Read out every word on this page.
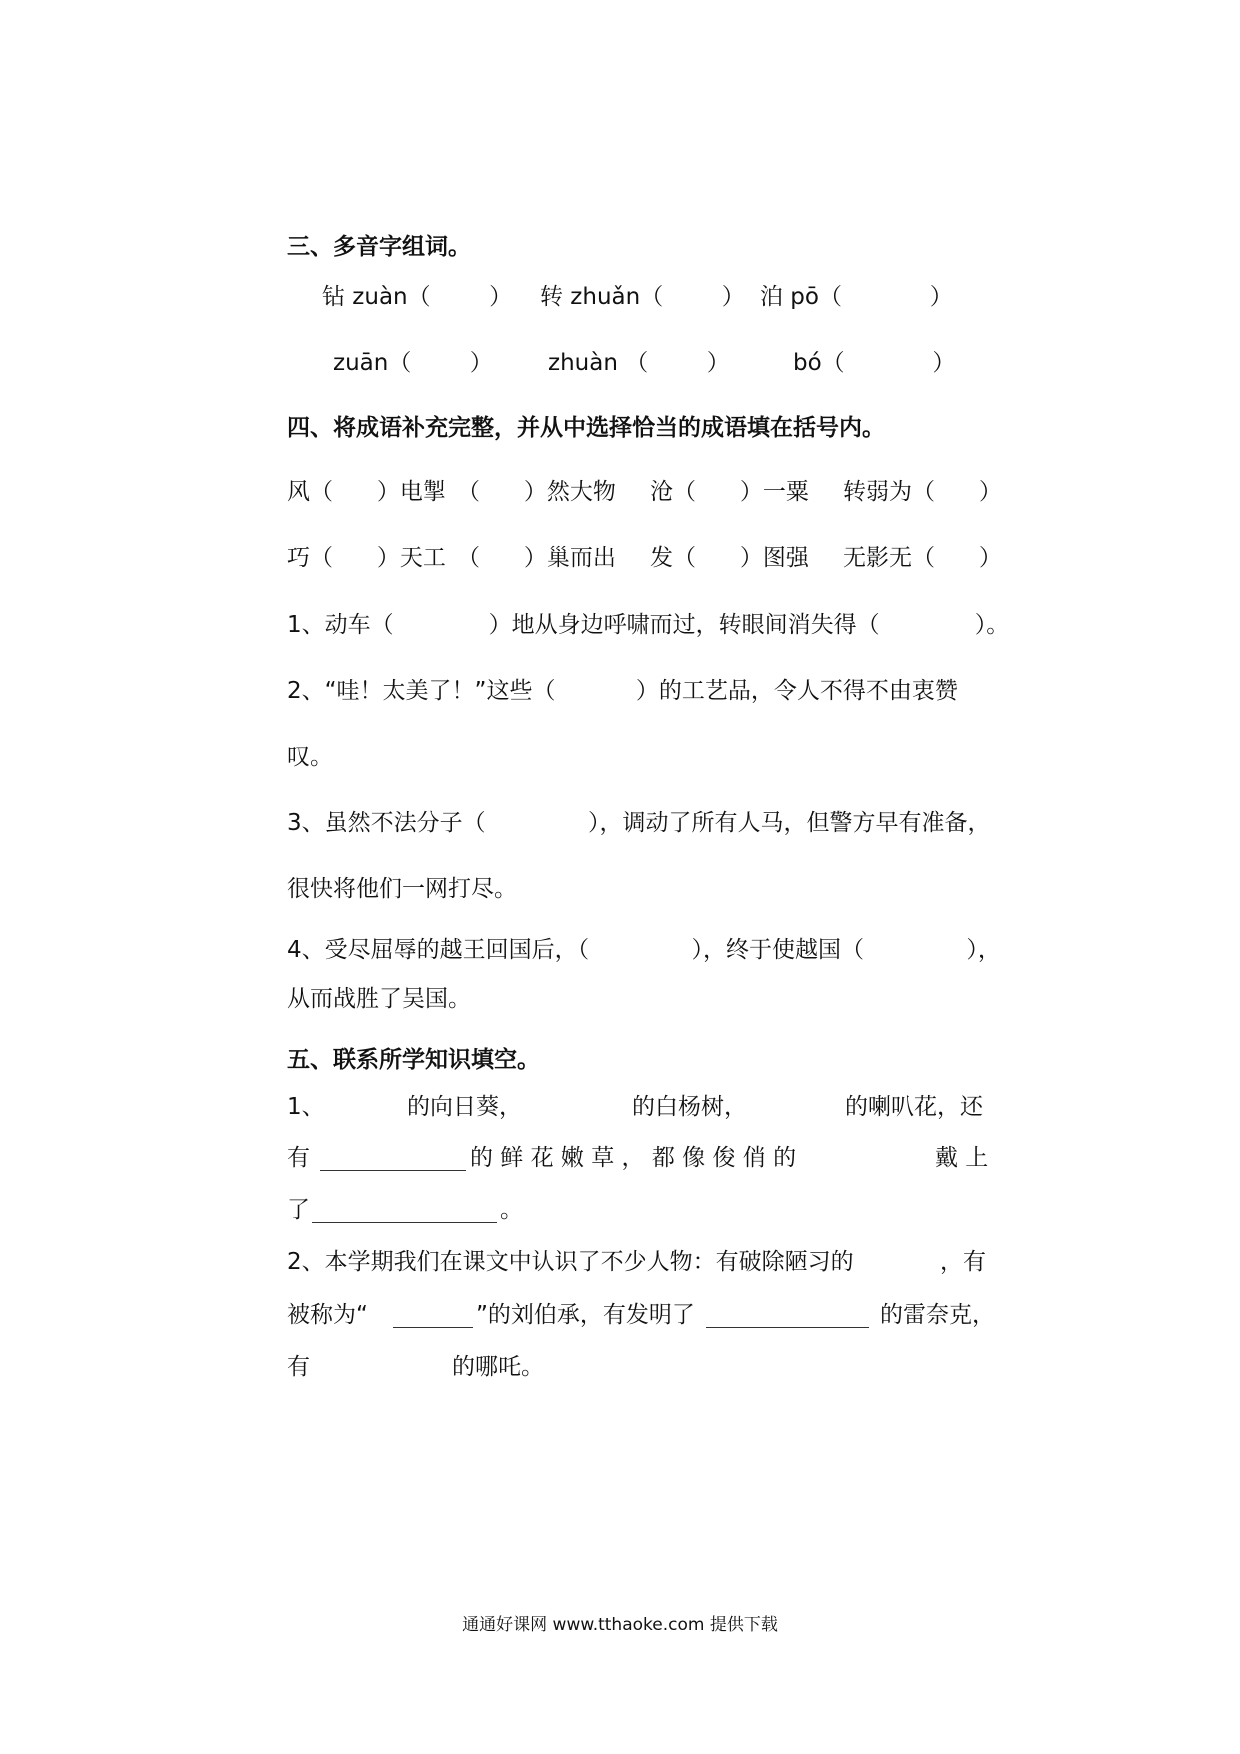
三、多音字组词。
钻 zuàn（        ） 转 zhuǎn（        ） 泊 pō（            ）
zuān（        ） zhuàn （        ）	bó（            ）
四、将成语补充完整，并从中选择恰当的成语填在括号内。
风（      ）电掣 （      ）然大物 沧（      ）一粟 转弱为（      ）
巧（      ）天工 （      ）巢而出 发（      ）图强 无影无（      ）
1、动车（             ）地从身边呼啸而过，转眼间消失得（             ）。
2、“哇！太美了！”这些（           ）的工艺品，令人不得不由衷赞
叹。
3、虽然不法分子（              ），调动了所有人马，但警方早有准备，
很快将他们一网打尽。
4、受尽屈辱的越王回国后，（              ），终于使越国（              ），
从而战胜了吴国。
五、联系所学知识填空。
1、	的向日葵，	的白杨树，	的喇叭花，还
有	的 鲜 花 嫩 草 ， 都 像 俊 俏 的	戴 上
了	。
2、本学期我们在课文中认识了不少人物：有破除陋习的	，有
被称为“	”的刘伯承，有发明了	的雷奈克，
有	的哪吒。
通通好课网 www.tthaoke.com 提供下载
